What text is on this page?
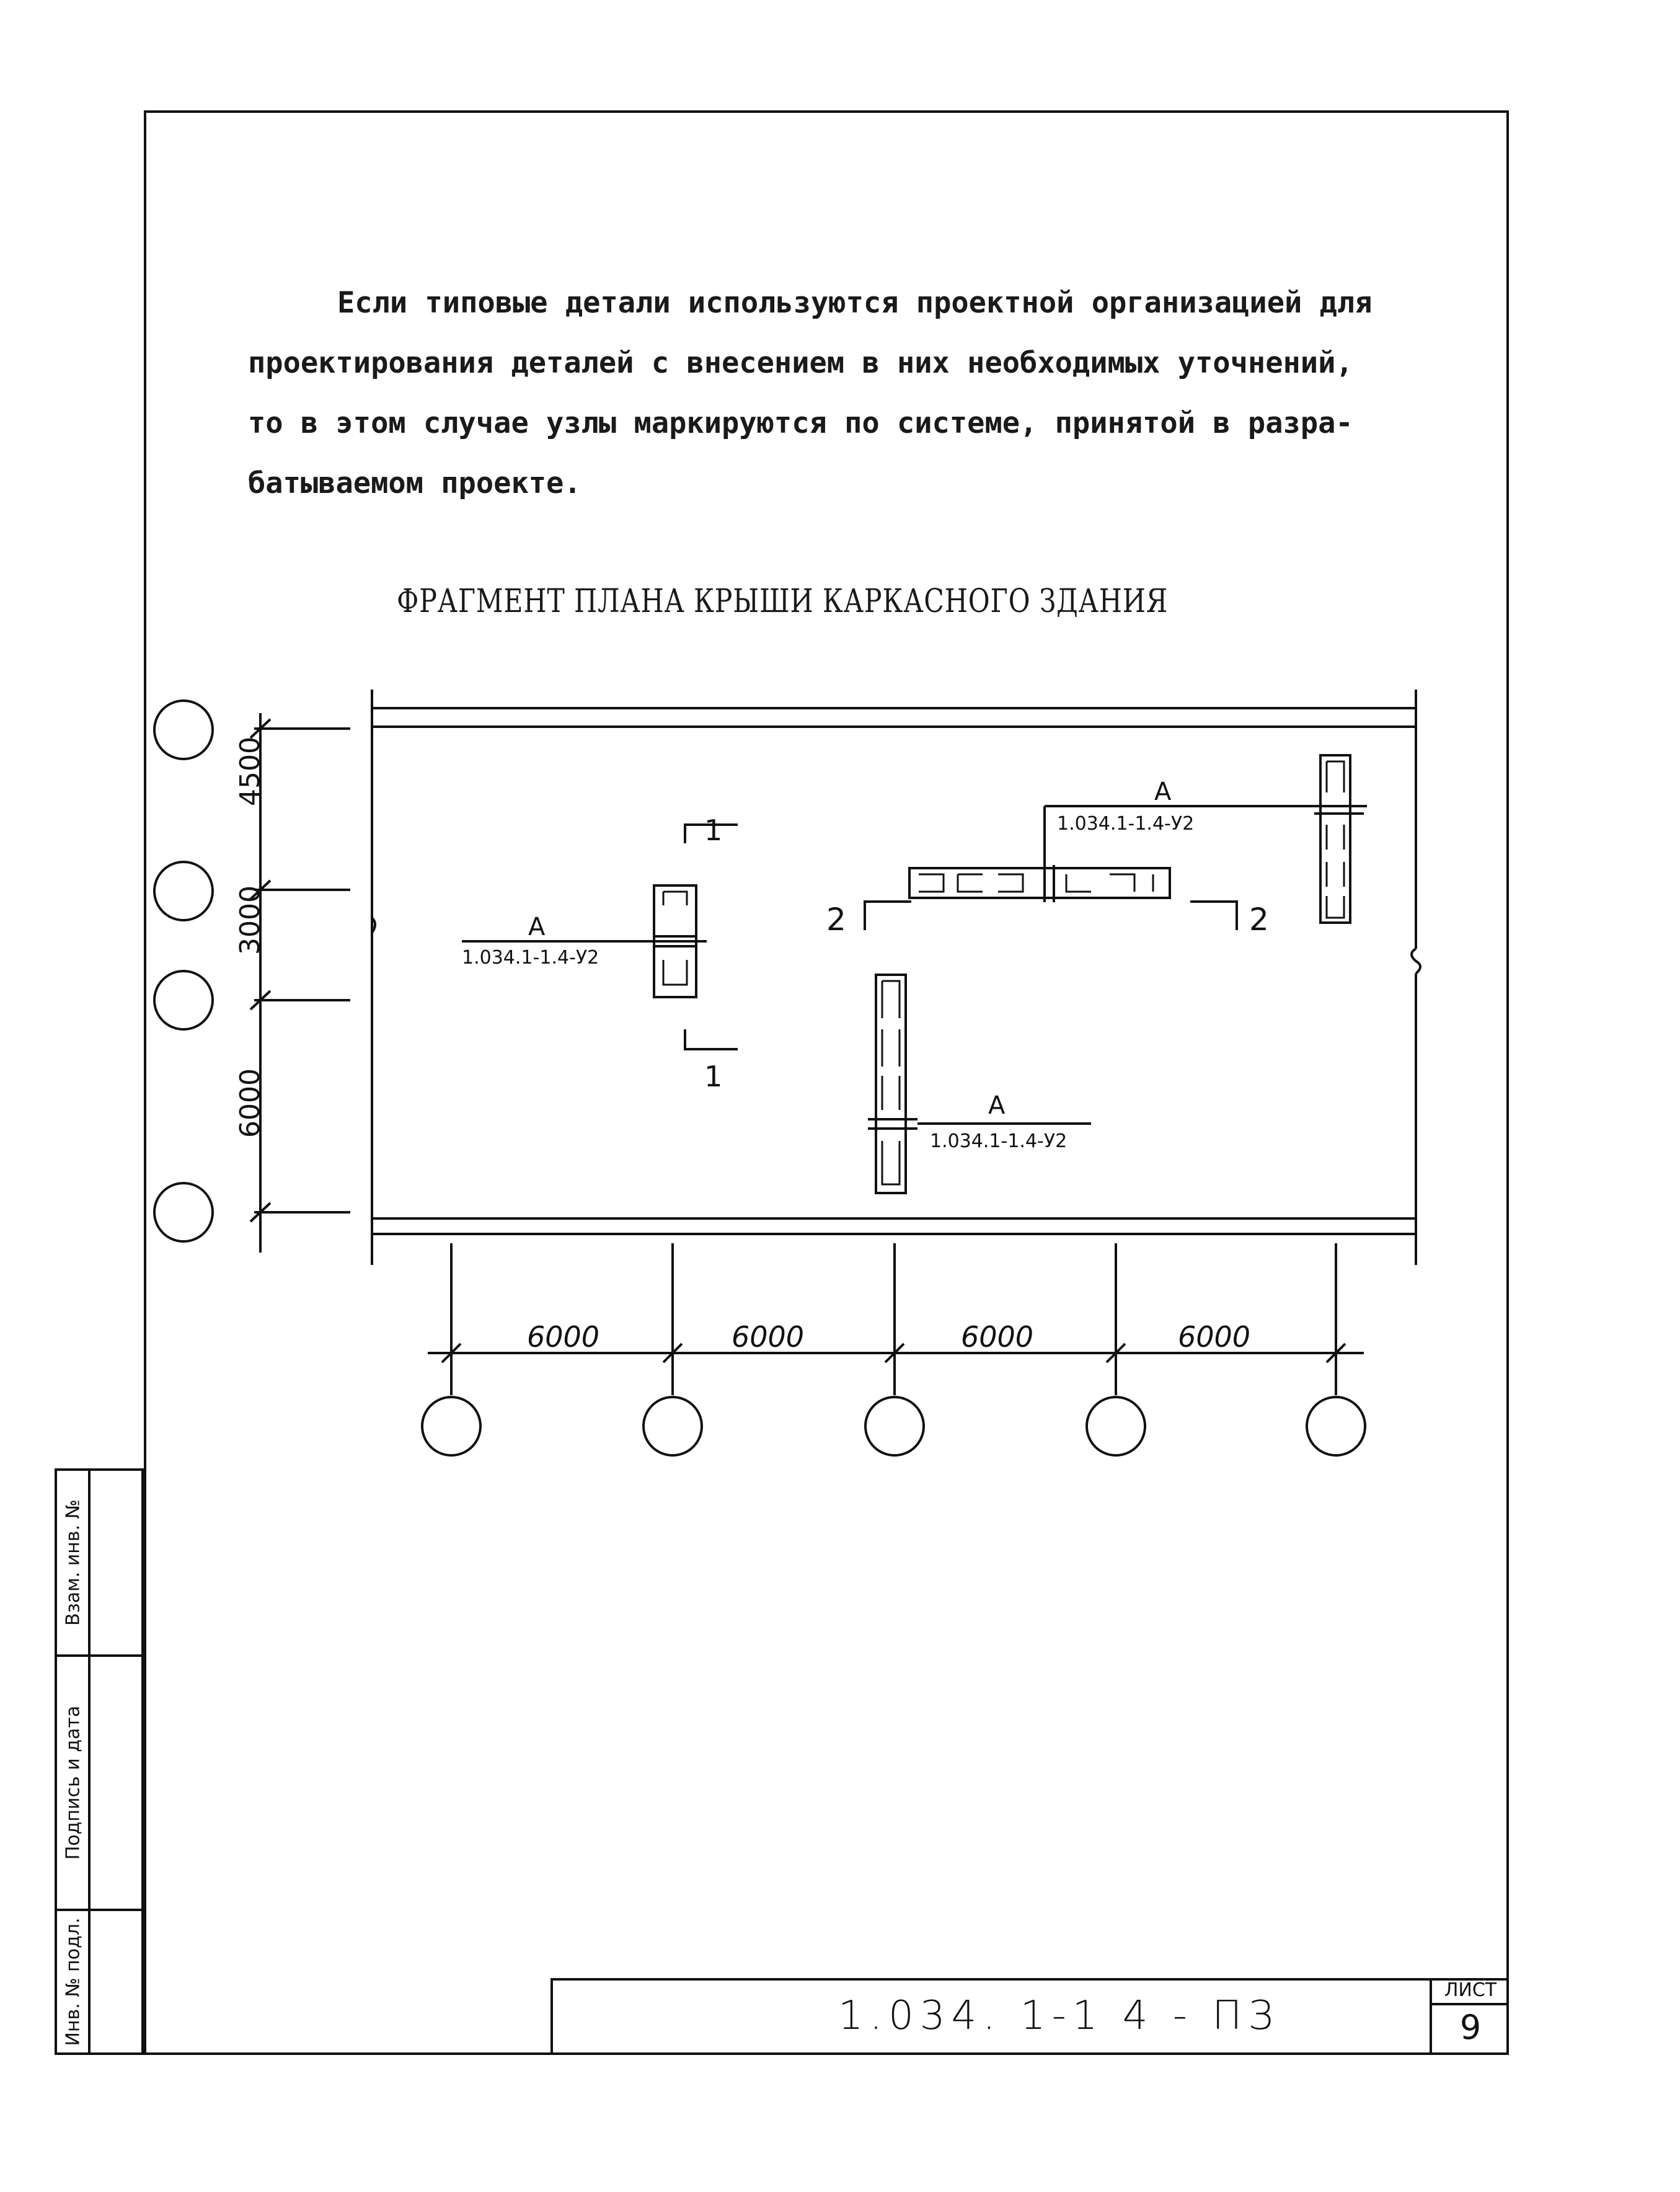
Если типовые детали используются проектной организацией для

проектирования деталей с внесением в них необходимых уточнений,

то в этом случае узлы маркируются по системе, принятой в разра-

батываемом проекте.

ФРАГМЕНТ ПЛАНА КРЫШИ КАРКАСНОГО ЗДАНИЯ
4500
3000
6000
6000	6000	6000	6000
1
1
2	2
А
1.034.1-1.4-У2
А
1.034.1-1.4-У2
А
1.034.1-1.4-У2
Взам. инв. №
Подпись и дата
Инв. № подл.	1.034. 1-1 4 - ПЗ
ЛИСТ
9
